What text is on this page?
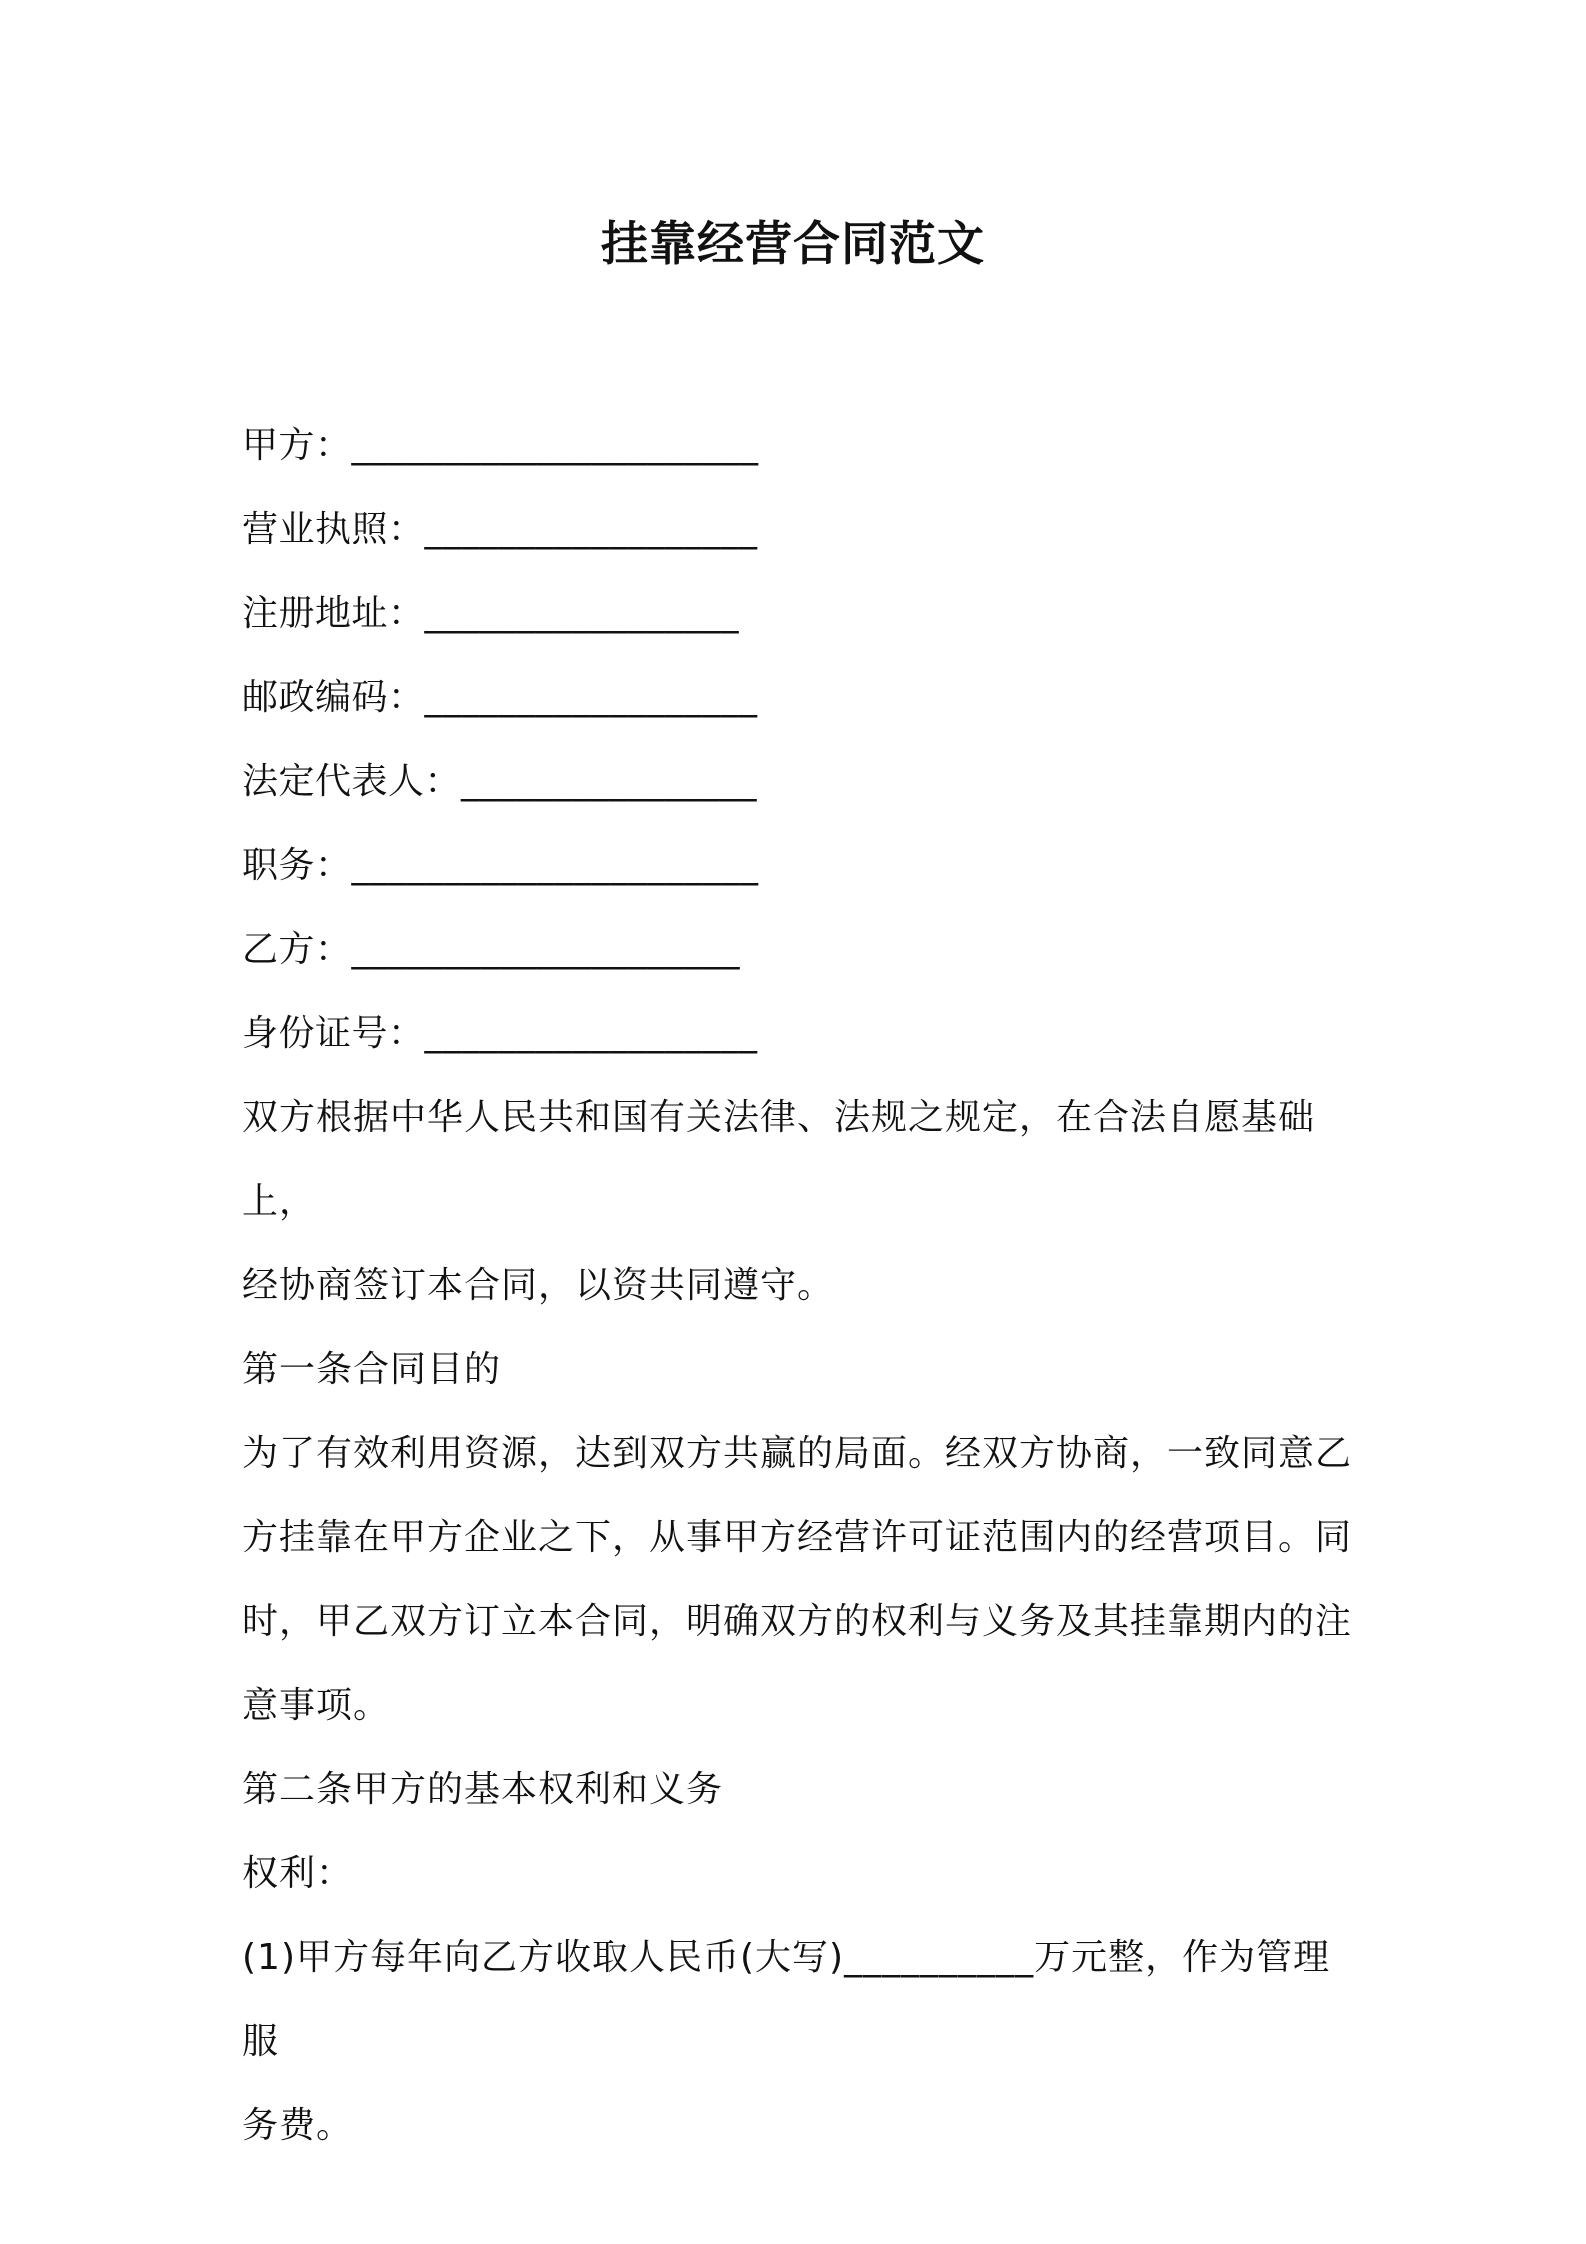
挂靠经营合同范文
甲方：______________________
营业执照：__________________
注册地址：_________________
邮政编码：__________________
法定代表人：________________
职务：______________________
乙方：_____________________
身份证号：__________________
双方根据中华人民共和国有关法律、法规之规定，在合法自愿基础上，
经协商签订本合同，以资共同遵守。
第一条合同目的
为了有效利用资源，达到双方共赢的局面。经双方协商，一致同意乙
方挂靠在甲方企业之下，从事甲方经营许可证范围内的经营项目。同
时，甲乙双方订立本合同，明确双方的权利与义务及其挂靠期内的注
意事项。
第二条甲方的基本权利和义务
权利：
(1)甲方每年向乙方收取人民币(大写)__________万元整，作为管理服
务费。
